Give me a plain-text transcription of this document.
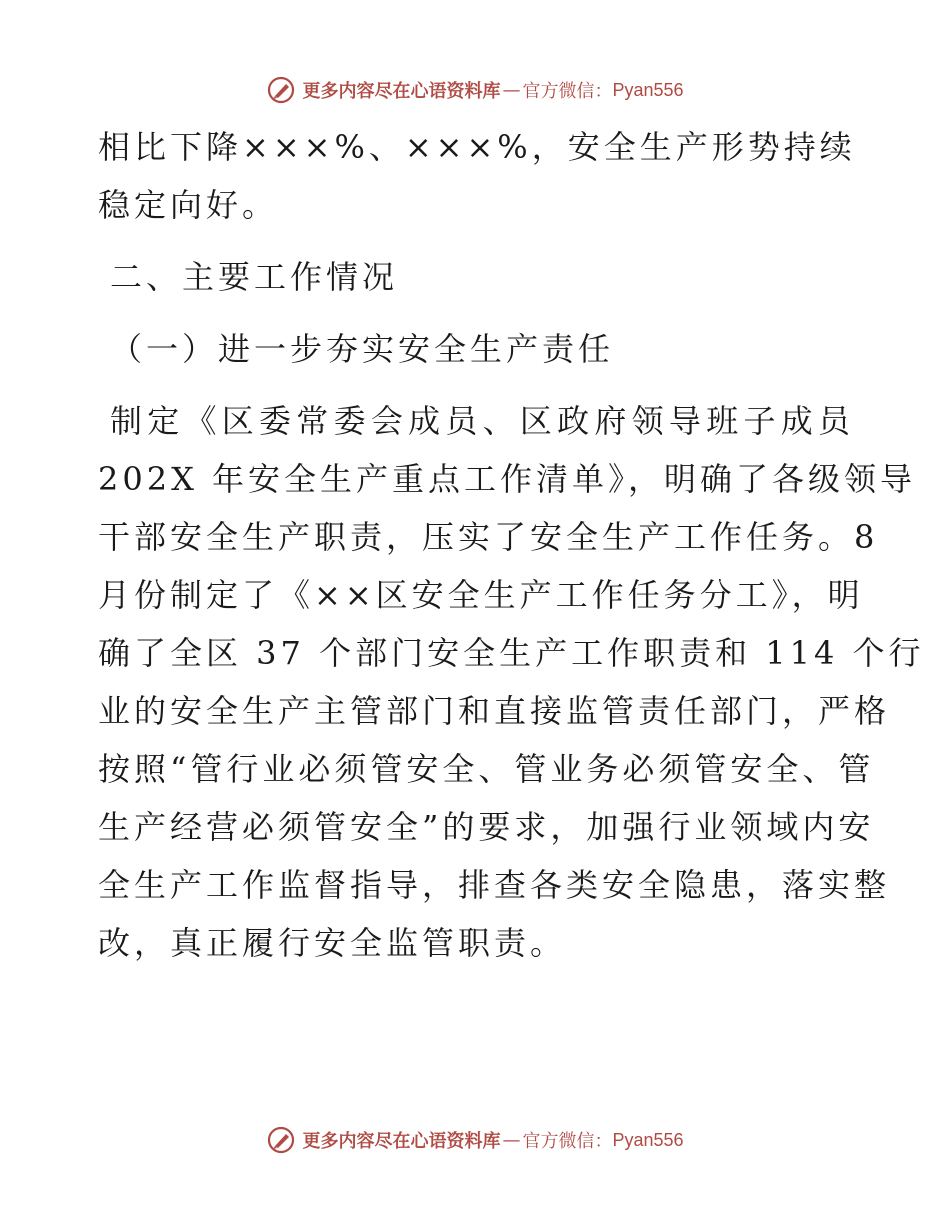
更多内容尽在心语资料库 — 官方微信： Pyan556
相比下降×××%、×××%，安全生产形势持续
稳定向好。
二、主要工作情况
（一）进一步夯实安全生产责任
制定《区委常委会成员、区政府领导班子成员
202X 年安全生产重点工作清单》，明确了各级领导
干部安全生产职责，压实了安全生产工作任务。8
月份制定了《××区安全生产工作任务分工》，明
确了全区 37 个部门安全生产工作职责和 114 个行
业的安全生产主管部门和直接监管责任部门，严格
按照“管行业必须管安全、管业务必须管安全、管
生产经营必须管安全”的要求，加强行业领域内安
全生产工作监督指导，排查各类安全隐患，落实整
改，真正履行安全监管职责。
更多内容尽在心语资料库 — 官方微信： Pyan556
